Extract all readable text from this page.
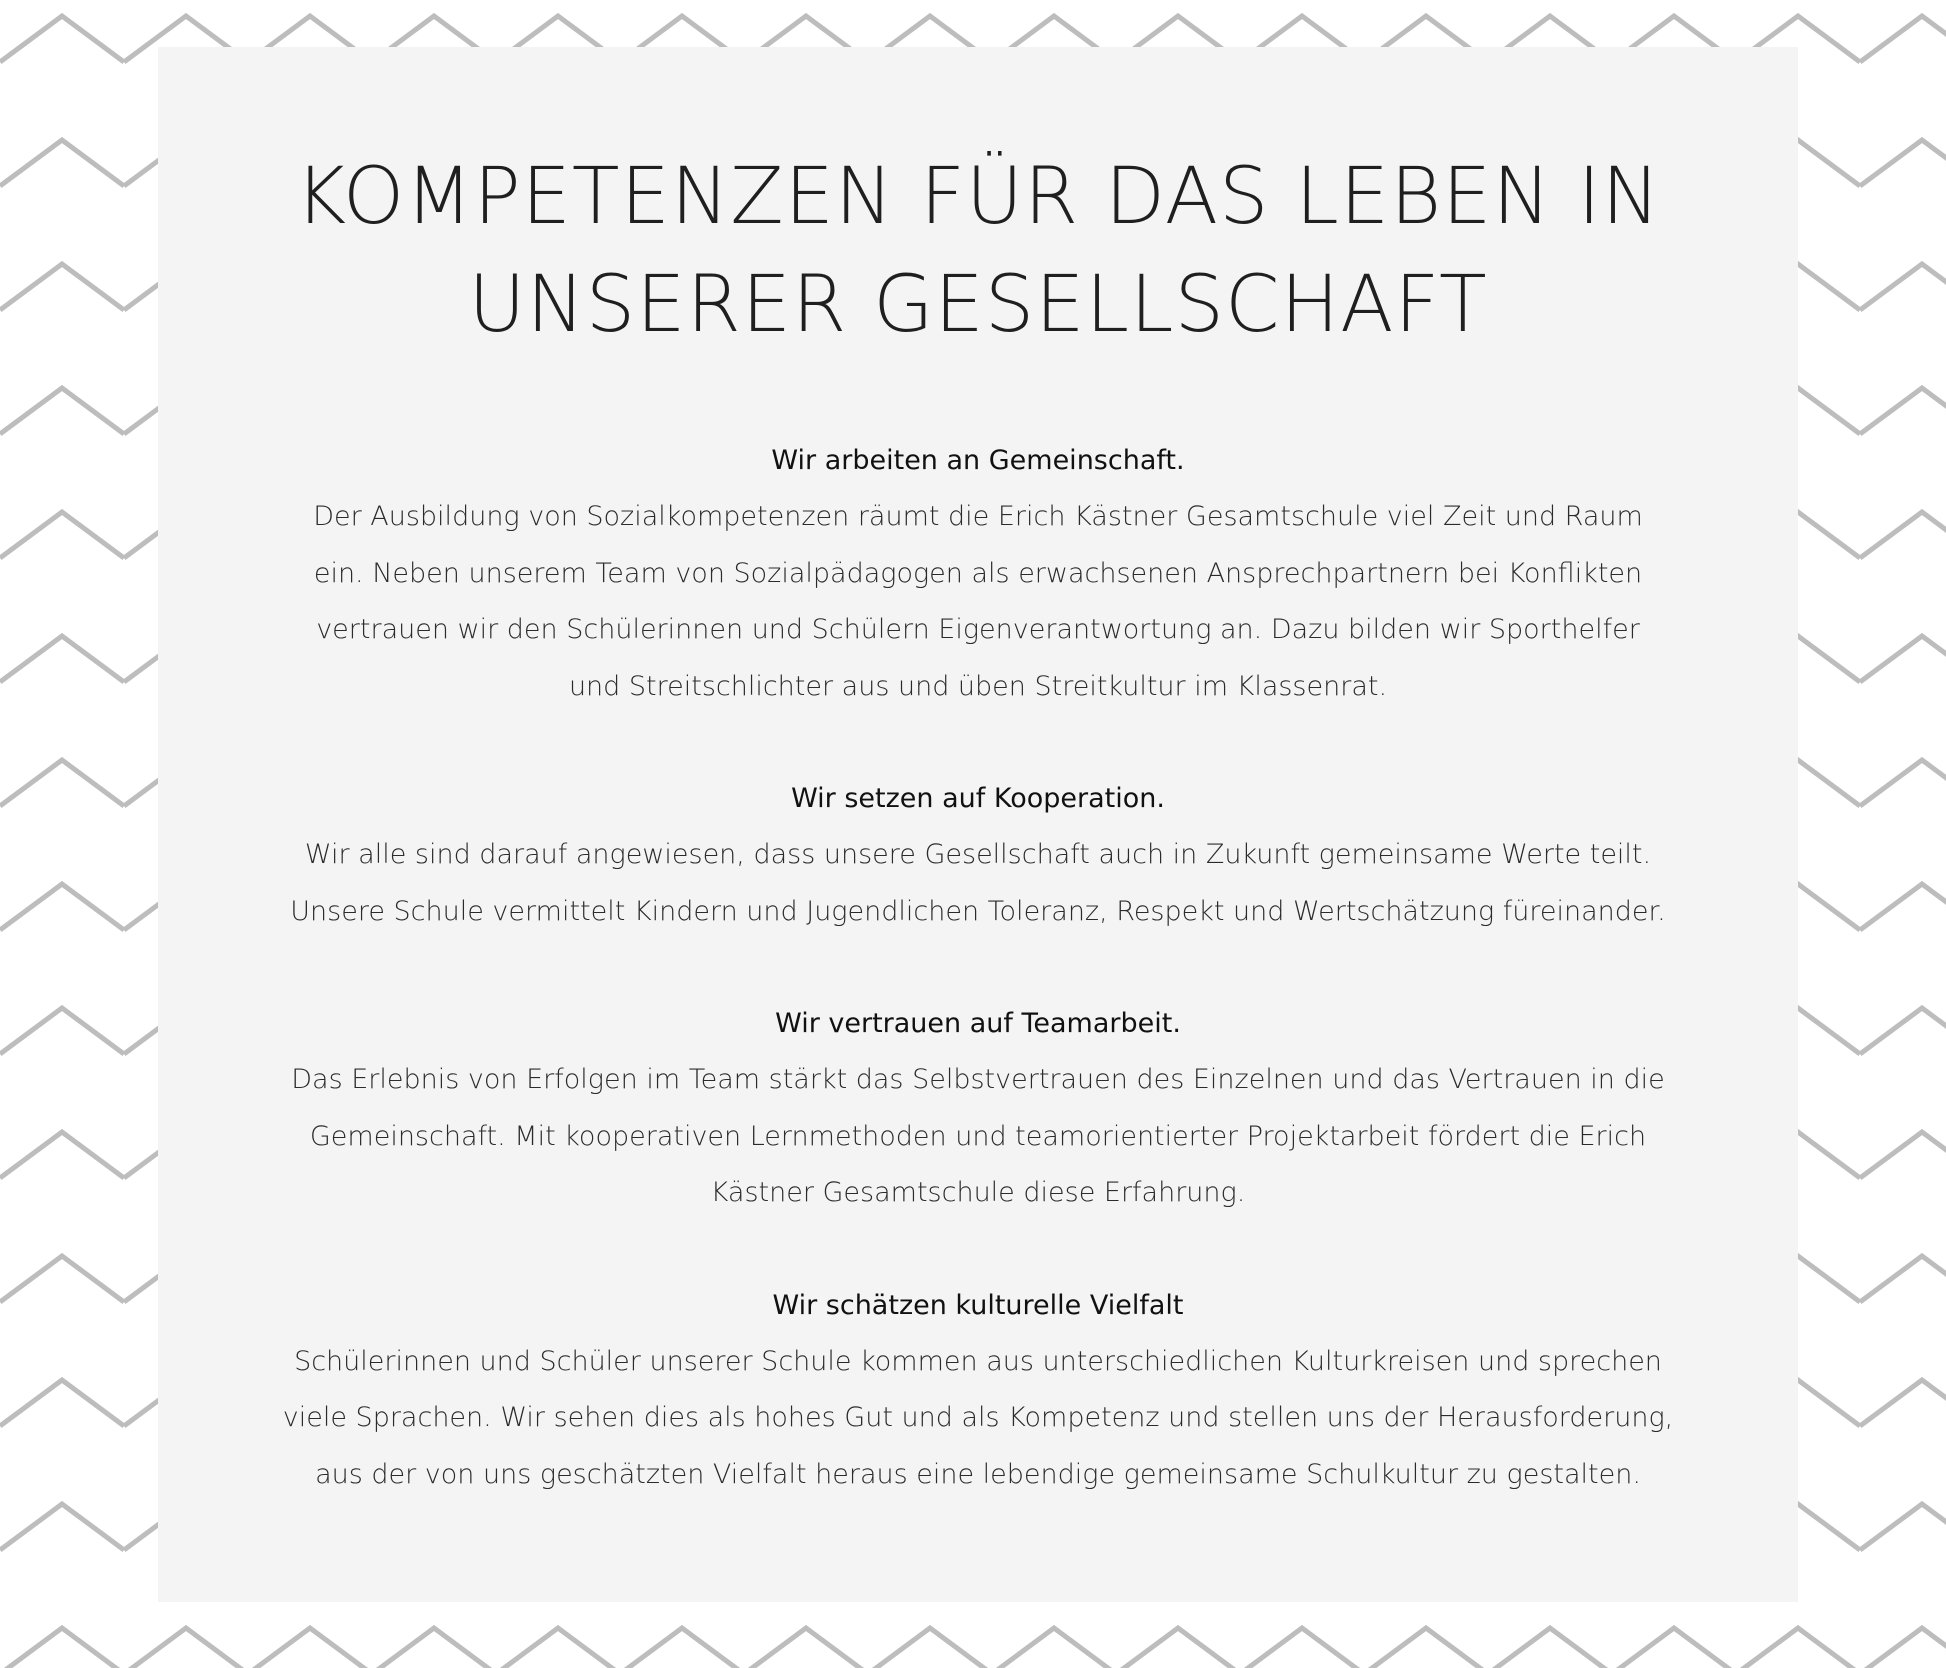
KOMPETENZEN FÜR DAS LEBEN IN
UNSERER GESELLSCHAFT
Wir arbeiten an Gemeinschaft.

Der Ausbildung von Sozialkompetenzen räumt die Erich Kästner Gesamtschule viel Zeit und Raum
ein. Neben unserem Team von Sozialpädagogen als erwachsenen Ansprechpartnern bei Konflikten
vertrauen wir den Schülerinnen und Schülern Eigenverantwortung an. Dazu bilden wir Sporthelfer
und Streitschlichter aus und üben Streitkultur im Klassenrat.

Wir setzen auf Kooperation.

Wir alle sind darauf angewiesen, dass unsere Gesellschaft auch in Zukunft gemeinsame Werte teilt.
Unsere Schule vermittelt Kindern und Jugendlichen Toleranz, Respekt und Wertschätzung füreinander.

Wir vertrauen auf Teamarbeit.

Das Erlebnis von Erfolgen im Team stärkt das Selbstvertrauen des Einzelnen und das Vertrauen in die
Gemeinschaft. Mit kooperativen Lernmethoden und teamorientierter Projektarbeit fördert die Erich
Kästner Gesamtschule diese Erfahrung.

Wir schätzen kulturelle Vielfalt

Schülerinnen und Schüler unserer Schule kommen aus unterschiedlichen Kulturkreisen und sprechen
viele Sprachen. Wir sehen dies als hohes Gut und als Kompetenz und stellen uns der Herausforderung,
aus der von uns geschätzten Vielfalt heraus eine lebendige gemeinsame Schulkultur zu gestalten.
